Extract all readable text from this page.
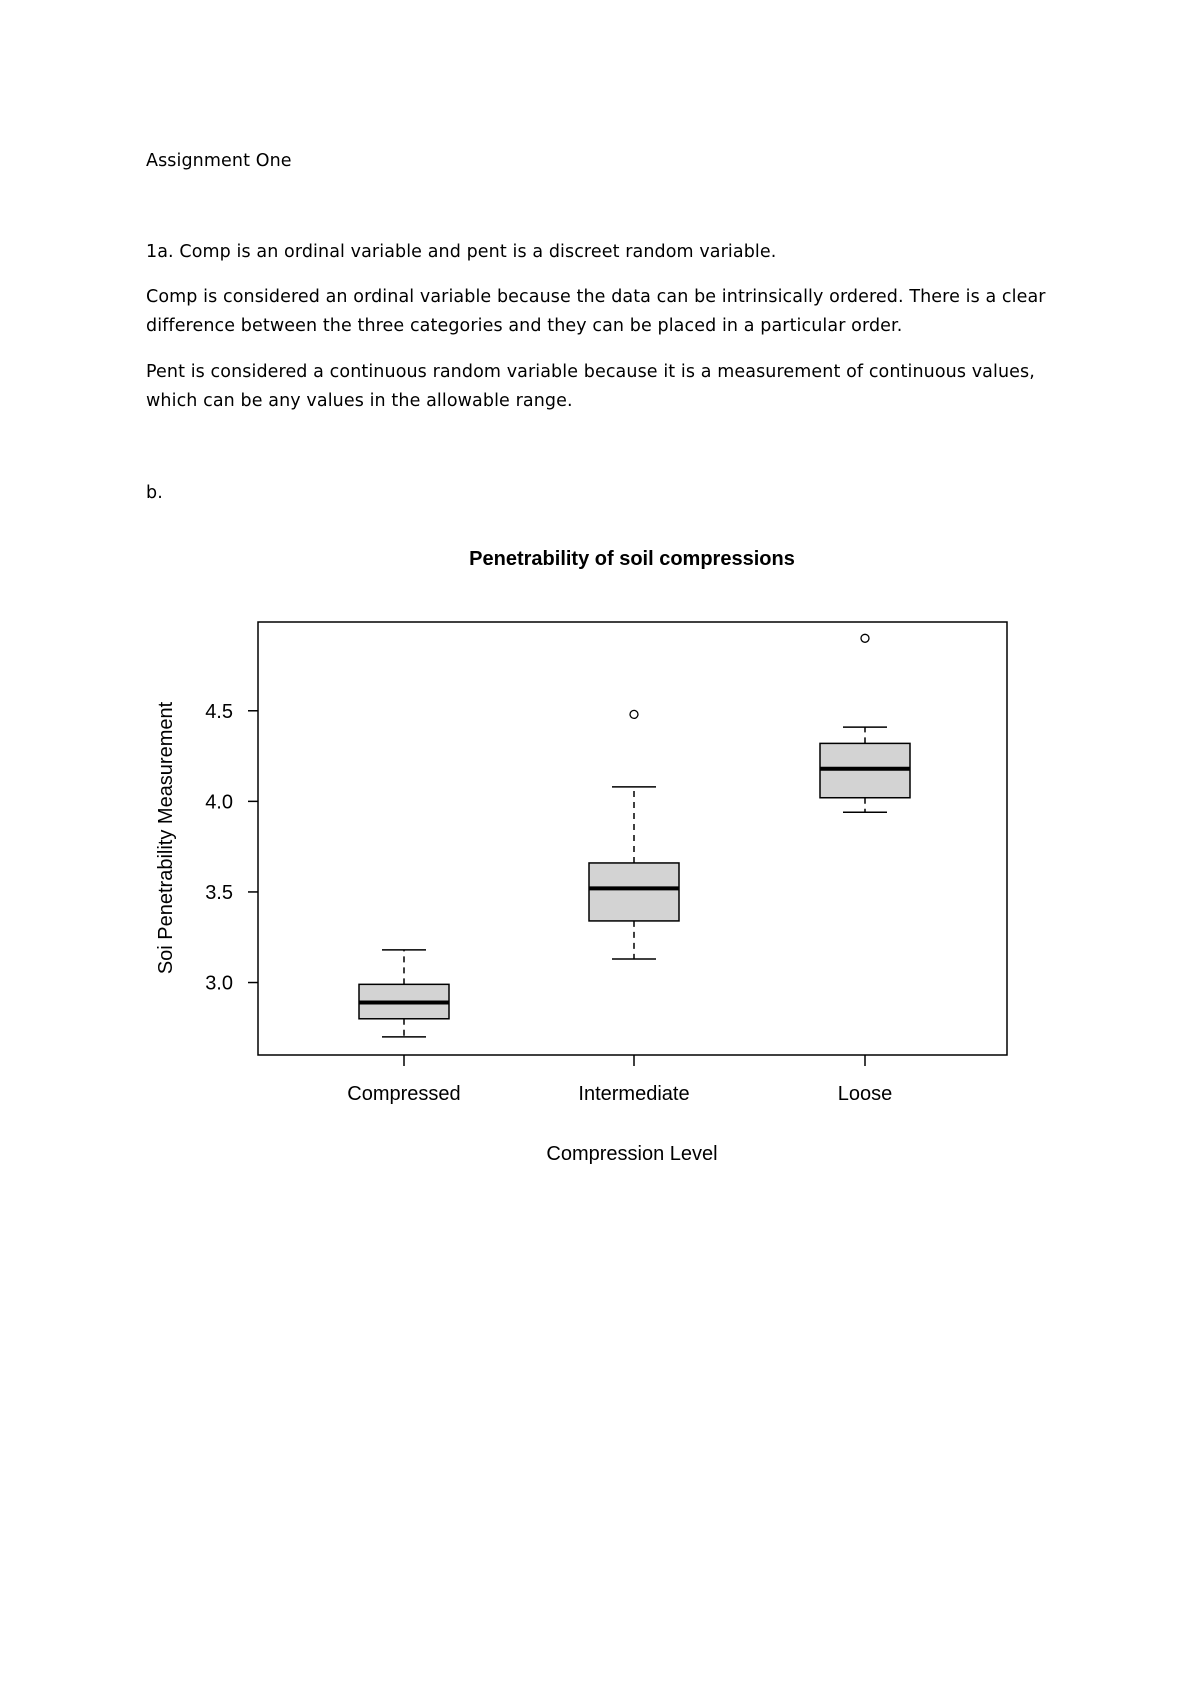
Assignment One

1a. Comp is an ordinal variable and pent is a discreet random variable.

Comp is considered an ordinal variable because the data can be intrinsically ordered. There is a clear difference between the three categories and they can be placed in a particular order.

Pent is considered a continuous random variable because it is a measurement of continuous values, which can be any values in the allowable range.

b.

Penetrability of soil compressions
3.0
3.5
4.0
4.5
Compressed	Intermediate	Loose
Soi Penetrability Measurement
Compression Level
